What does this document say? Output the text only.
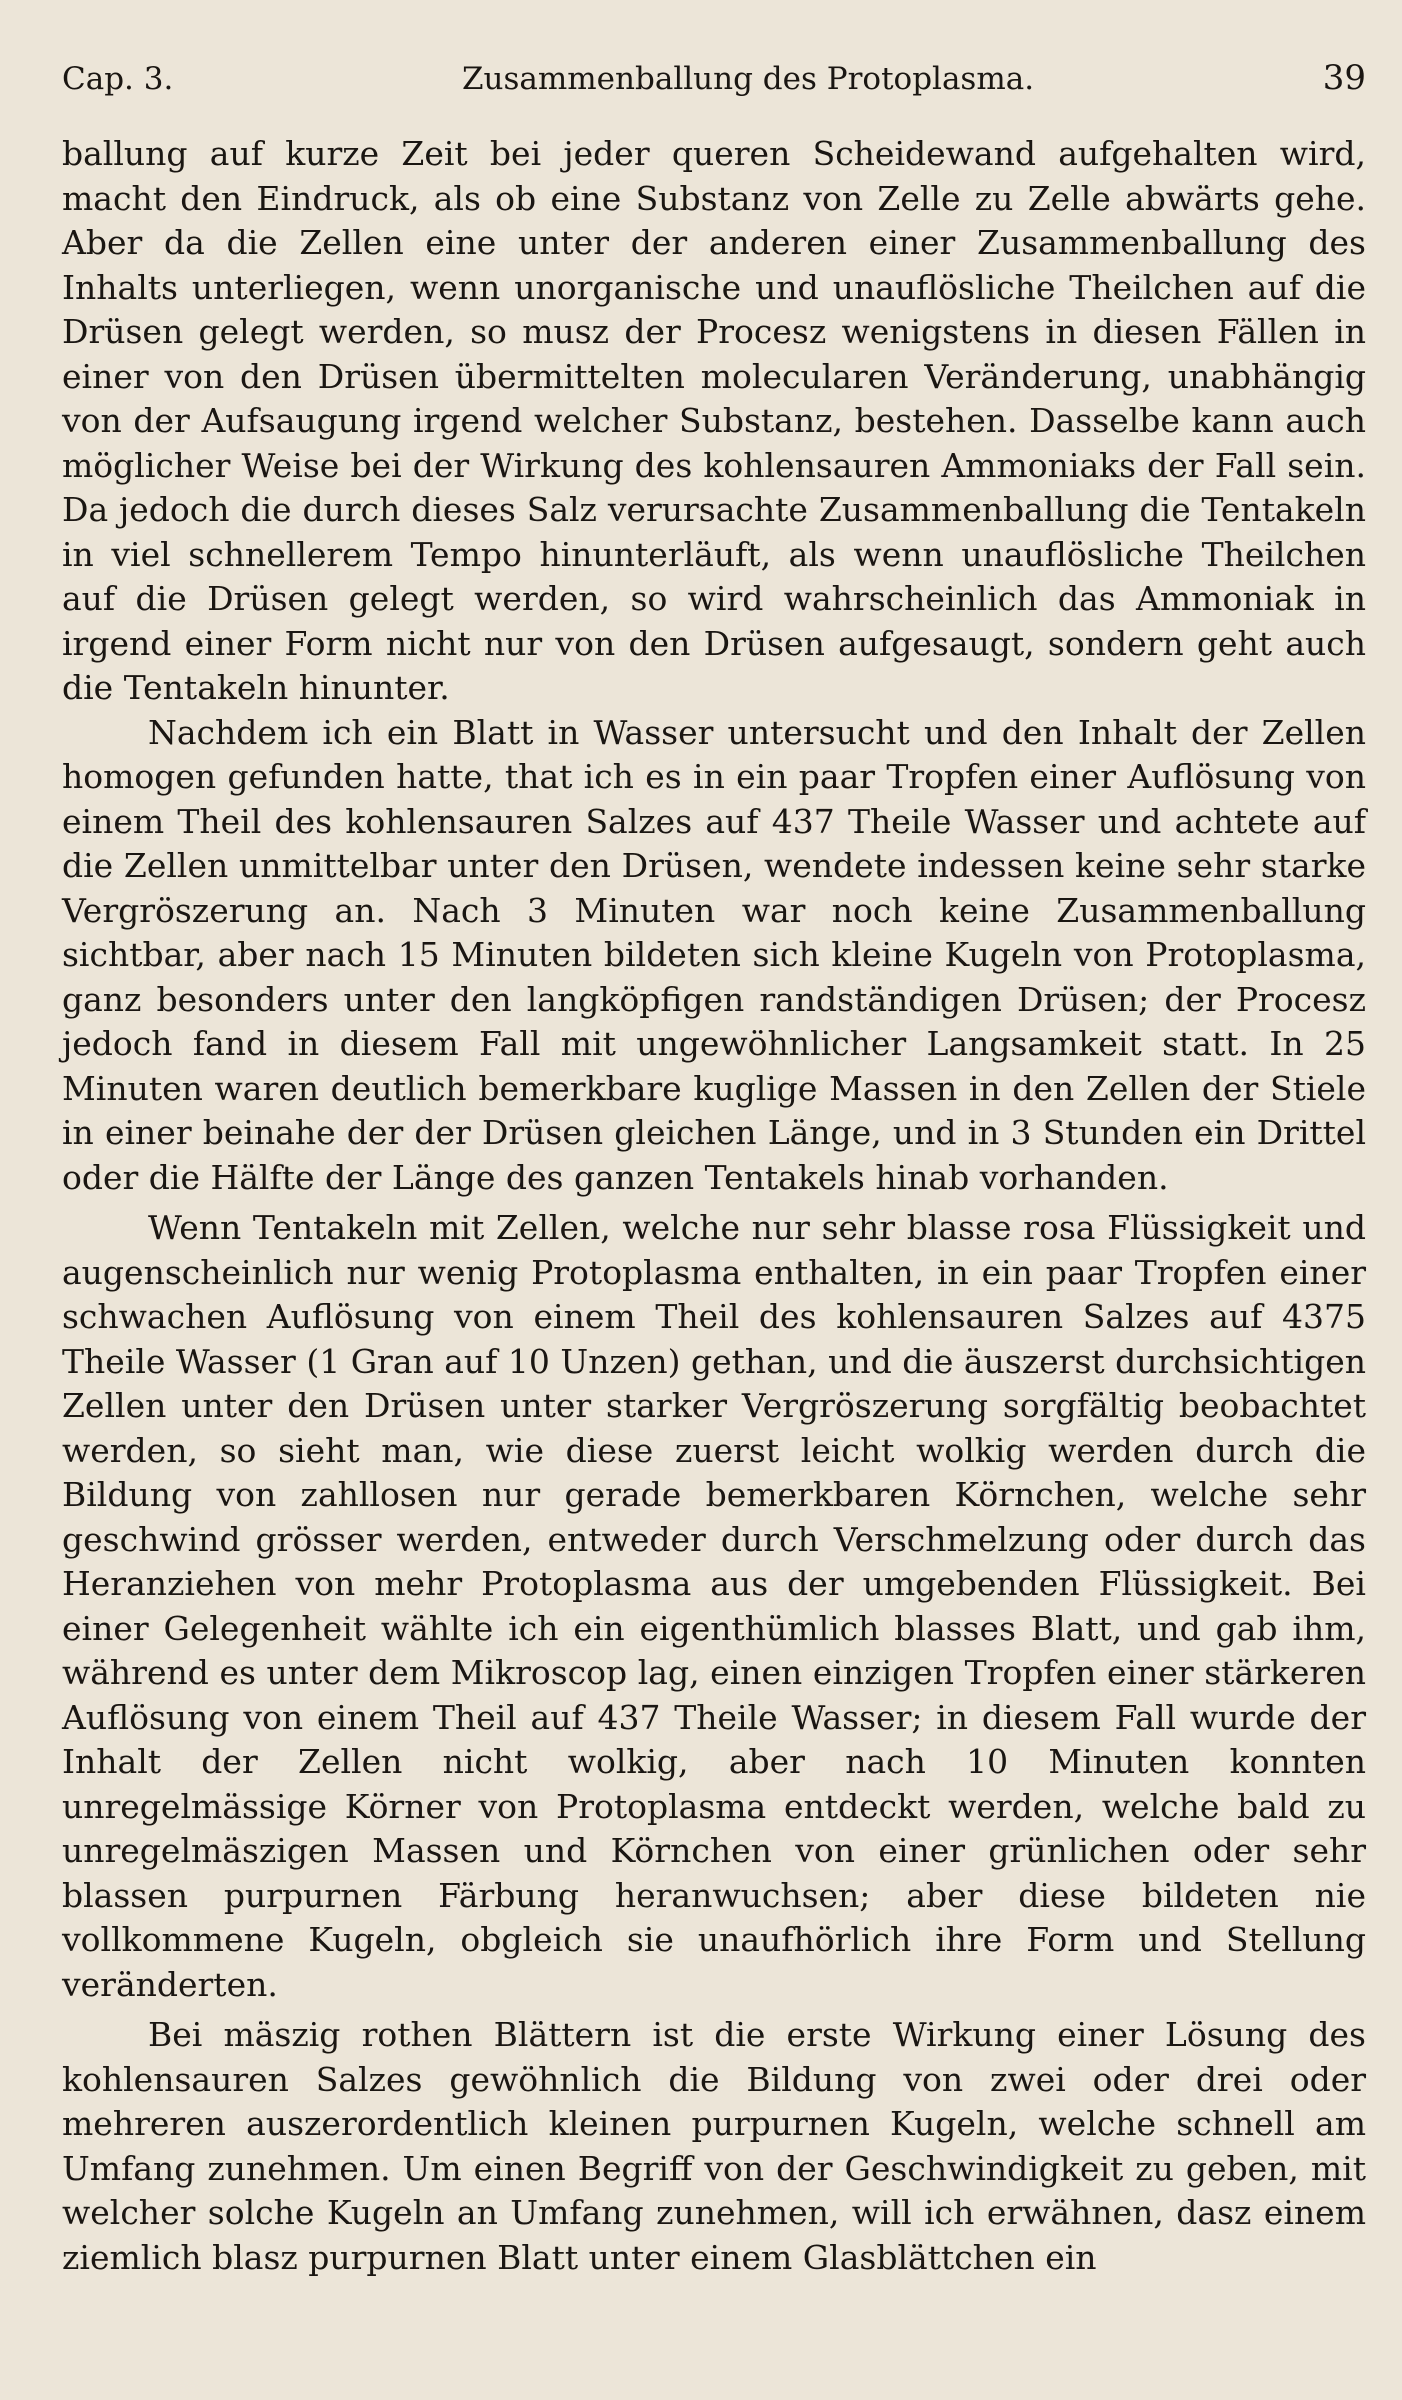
Cap. 3.	Zusammenballung des Protoplasma.	39

ballung auf kurze Zeit bei jeder queren Scheidewand aufgehalten wird, macht den Eindruck, als ob eine Substanz von Zelle zu Zelle abwärts gehe. Aber da die Zellen eine unter der anderen einer Zusammenballung des Inhalts unterliegen, wenn unorganische und unauflösliche Theilchen auf die Drüsen gelegt werden, so musz der Procesz wenigstens in diesen Fällen in einer von den Drüsen übermittelten molecularen Veränderung, unabhängig von der Aufsaugung irgend welcher Substanz, bestehen. Dasselbe kann auch möglicher Weise bei der Wirkung des kohlensauren Ammoniaks der Fall sein. Da jedoch die durch dieses Salz verursachte Zusammenballung die Tentakeln in viel schnellerem Tempo hinunterläuft, als wenn unauflösliche Theilchen auf die Drüsen gelegt werden, so wird wahrscheinlich das Ammoniak in irgend einer Form nicht nur von den Drüsen aufgesaugt, sondern geht auch die Tentakeln hinunter.

Nachdem ich ein Blatt in Wasser untersucht und den Inhalt der Zellen homogen gefunden hatte, that ich es in ein paar Tropfen einer Auflösung von einem Theil des kohlensauren Salzes auf 437 Theile Wasser und achtete auf die Zellen unmittelbar unter den Drüsen, wendete indessen keine sehr starke Vergröszerung an. Nach 3 Minuten war noch keine Zusammenballung sichtbar, aber nach 15 Minuten bildeten sich kleine Kugeln von Protoplasma, ganz besonders unter den langköpfigen randständigen Drüsen; der Procesz jedoch fand in diesem Fall mit ungewöhnlicher Langsamkeit statt. In 25 Minuten waren deutlich bemerkbare kuglige Massen in den Zellen der Stiele in einer beinahe der der Drüsen gleichen Länge, und in 3 Stunden ein Drittel oder die Hälfte der Länge des ganzen Tentakels hinab vorhanden.

Wenn Tentakeln mit Zellen, welche nur sehr blasse rosa Flüssigkeit und augenscheinlich nur wenig Protoplasma enthalten, in ein paar Tropfen einer schwachen Auflösung von einem Theil des kohlensauren Salzes auf 4375 Theile Wasser (1 Gran auf 10 Unzen) gethan, und die äuszerst durchsichtigen Zellen unter den Drüsen unter starker Vergröszerung sorgfältig beobachtet werden, so sieht man, wie diese zuerst leicht wolkig werden durch die Bildung von zahllosen nur gerade bemerkbaren Körnchen, welche sehr geschwind grösser werden, entweder durch Verschmelzung oder durch das Heranziehen von mehr Protoplasma aus der umgebenden Flüssigkeit. Bei einer Gelegenheit wählte ich ein eigenthümlich blasses Blatt, und gab ihm, während es unter dem Mikroscop lag, einen einzigen Tropfen einer stärkeren Auflösung von einem Theil auf 437 Theile Wasser; in diesem Fall wurde der Inhalt der Zellen nicht wolkig, aber nach 10 Minuten konnten unregelmässige Körner von Protoplasma entdeckt werden, welche bald zu unregelmäszigen Massen und Körnchen von einer grünlichen oder sehr blassen purpurnen Färbung heranwuchsen; aber diese bildeten nie vollkommene Kugeln, obgleich sie unaufhörlich ihre Form und Stellung veränderten.

Bei mäszig rothen Blättern ist die erste Wirkung einer Lösung des kohlensauren Salzes gewöhnlich die Bildung von zwei oder drei oder mehreren auszerordentlich kleinen purpurnen Kugeln, welche schnell am Umfang zunehmen. Um einen Begriff von der Geschwindigkeit zu geben, mit welcher solche Kugeln an Umfang zunehmen, will ich erwähnen, dasz einem ziemlich blasz purpurnen Blatt unter einem Glasblättchen ein
